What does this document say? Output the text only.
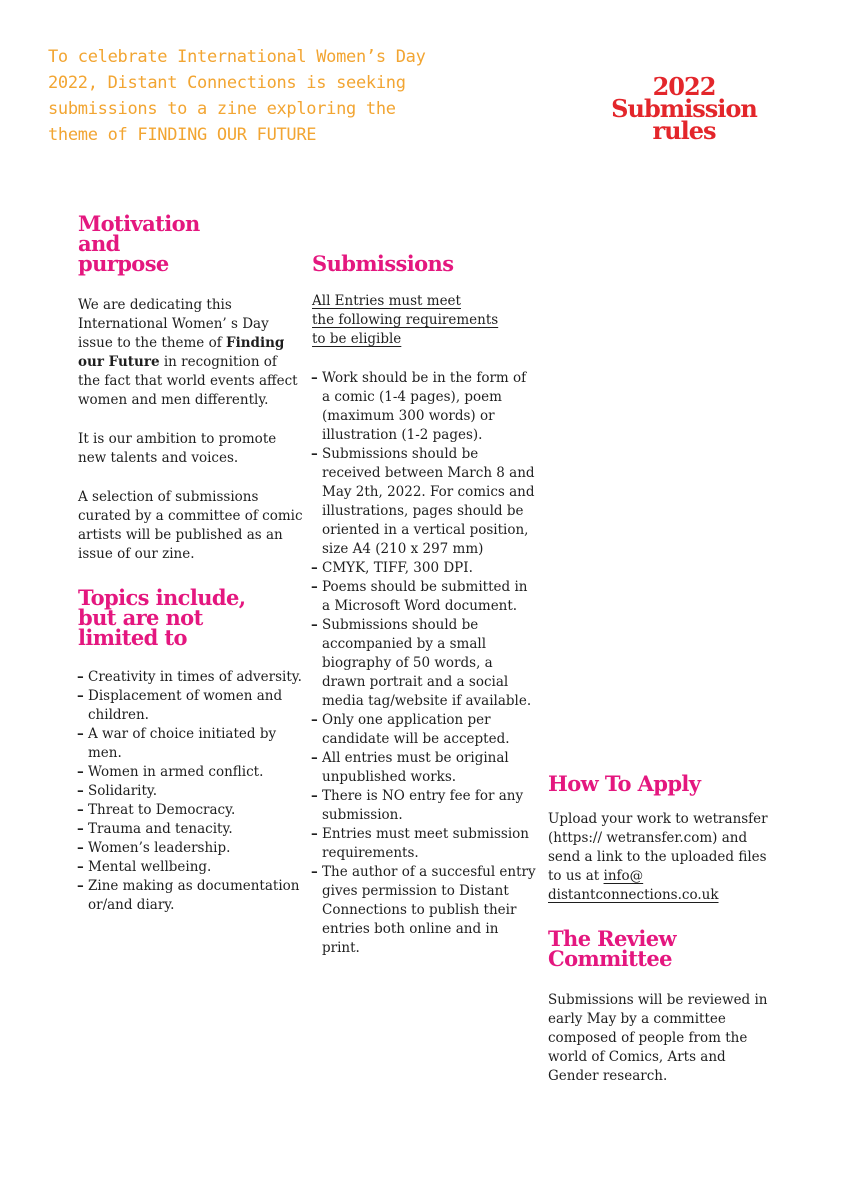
To celebrate International Women’s Day
2022, Distant Connections is seeking
submissions to a zine exploring the
theme of FINDING OUR FUTURE
2022
Submission
rules
Motivation
and
purpose

We are dedicating this International Women’ s Day issue to the theme of Finding our Future in recognition of the fact that world events affect women and men differently.

It is our ambition to promote new talents and voices.

A selection of submissions curated by a committee of comic artists will be published as an issue of our zine.

Topics include,
but are not
limited to
– Creativity in times of adversity.
– Displacement of women and children.
– A war of choice initiated by men.
– Women in armed conflict.
– Solidarity.
– Threat to Democracy.
– Trauma and tenacity.
– Women’s leadership.
– Mental wellbeing.
– Zine making as documentation or/and diary.
Submissions
All Entries must meet
the following requirements
to be eligible
– Work should be in the form of a comic (1-4 pages), poem (maximum 300 words) or illustration (1-2 pages).
– Submissions should be received between March 8 and May 2th, 2022. For comics and illustrations, pages should be oriented in a vertical position, size A4 (210 x 297 mm)
– CMYK, TIFF, 300 DPI.
– Poems should be submitted in a Microsoft Word document.
– Submissions should be accompanied by a small biography of 50 words, a drawn portrait and a social media tag/website if available.
– Only one application per candidate will be accepted.
– All entries must be original unpublished works.
– There is NO entry fee for any submission.
– Entries must meet submission requirements.
– The author of a succesful entry gives permission to Distant Connections to publish their entries both online and in print.
How To Apply

Upload your work to wetransfer (https:// wetransfer.com) and send a link to the uploaded files to us at info@ distantconnections.co.uk

The Review
Committee

Submissions will be reviewed in early May by a committee composed of people from the world of Comics, Arts and Gender research.
